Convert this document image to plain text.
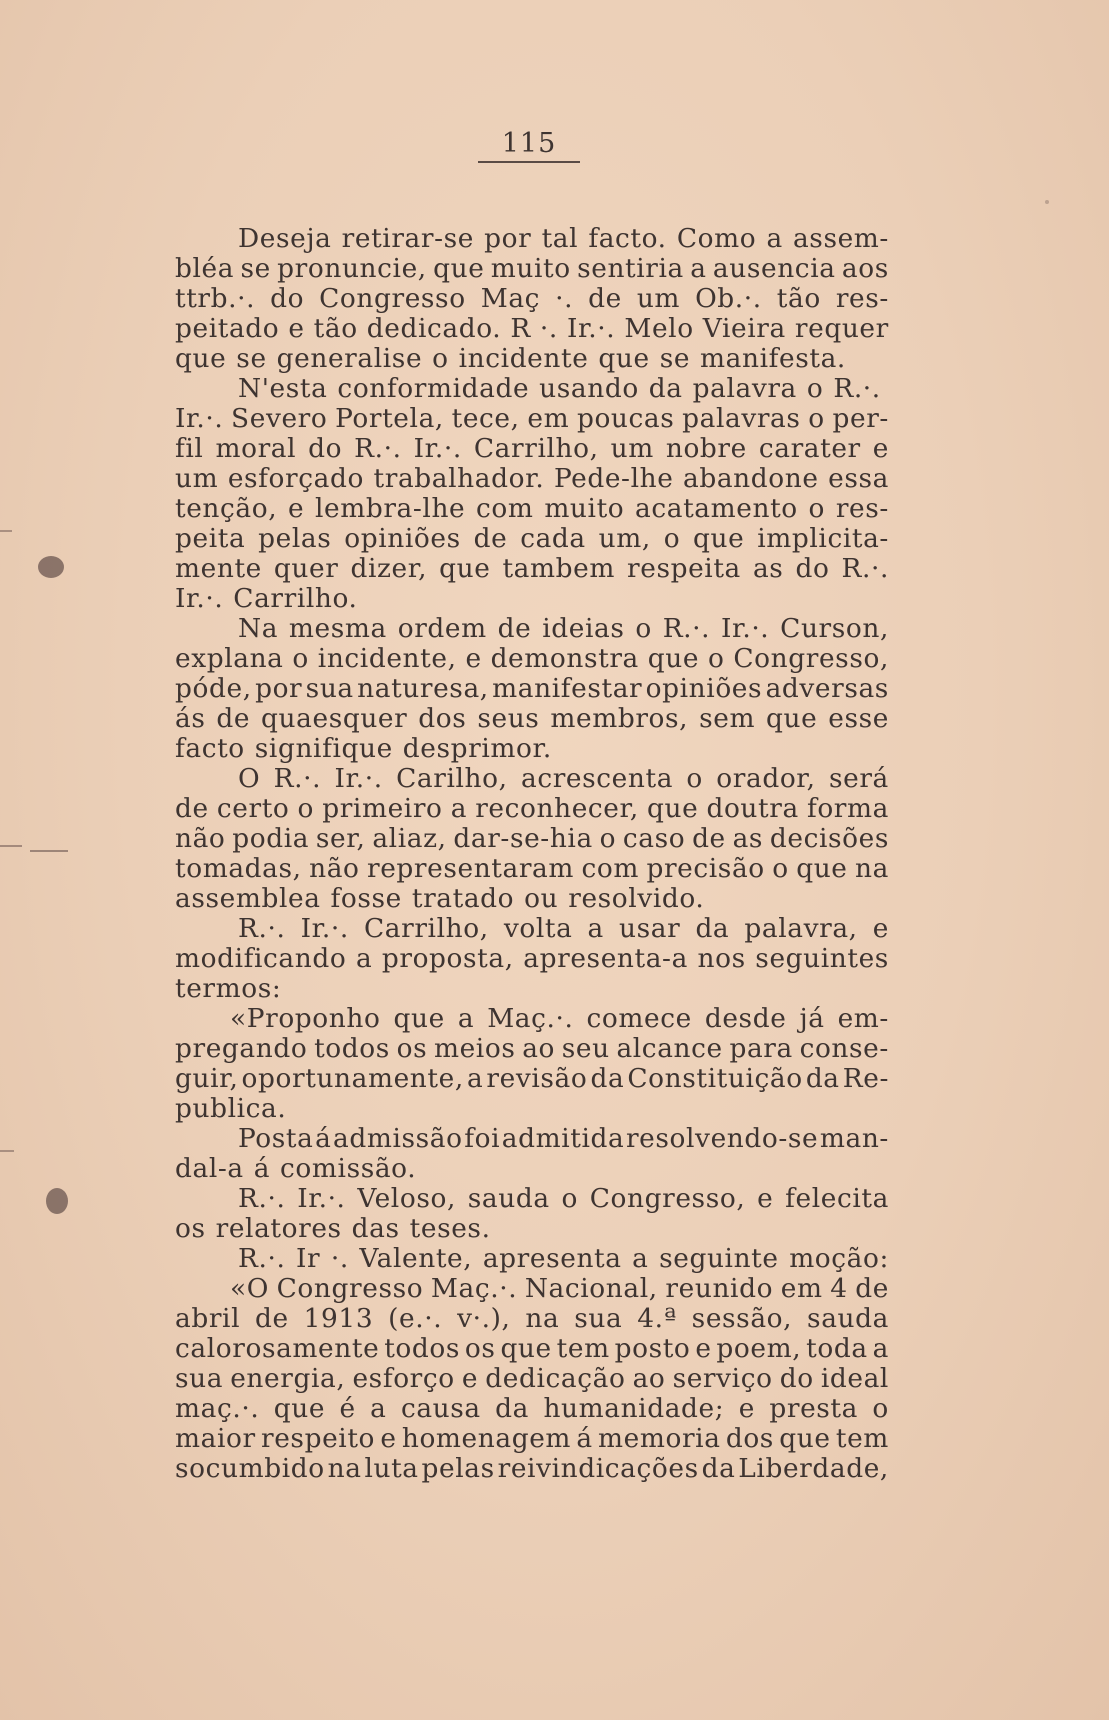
115
Deseja retirar-se por tal facto. Como a assem-
bléa se pronuncie, que muito sentiria a ausencia aos
ttrb.·. do Congresso Maç ·. de um Ob.·. tão res-
peitado e tão dedicado. R ·. Ir.·. Melo Vieira requer
que se generalise o incidente que se manifesta.
N'esta conformidade usando da palavra o R.·.
Ir.·. Severo Portela, tece, em poucas palavras o per-
fil moral do R.·. Ir.·. Carrilho, um nobre carater e
um esforçado trabalhador. Pede-lhe abandone essa
tenção, e lembra-lhe com muito acatamento o res-
peita pelas opiniões de cada um, o que implicita-
mente quer dizer, que tambem respeita as do R.·.
Ir.·. Carrilho.
Na mesma ordem de ideias o R.·. Ir.·. Curson,
explana o incidente, e demonstra que o Congresso,
póde, por sua naturesa, manifestar opiniões adversas
ás de quaesquer dos seus membros, sem que esse
facto signifique desprimor.
O R.·. Ir.·. Carilho, acrescenta o orador, será
de certo o primeiro a reconhecer, que doutra forma
não podia ser, aliaz, dar-se-hia o caso de as decisões
tomadas, não representaram com precisão o que na
assemblea fosse tratado ou resolvido.
R.·. Ir.·. Carrilho, volta a usar da palavra, e
modificando a proposta, apresenta-a nos seguintes
termos:
«Proponho que a Maç.·. comece desde já em-
pregando todos os meios ao seu alcance para conse-
guir, oportunamente, a revisão da Constituição da Re-
publica.
Posta á admissão foi admitida resolvendo-se man-
dal-a á comissão.
R.·. Ir.·. Veloso, sauda o Congresso, e felecita
os relatores das teses.
R.·. Ir ·. Valente, apresenta a seguinte moção:
«O Congresso Maç.·. Nacional, reunido em 4 de
abril de 1913 (e.·. v·.), na sua 4.ª sessão, sauda
calorosamente todos os que tem posto e poem, toda a
sua energia, esforço e dedicação ao serviço do ideal
maç.·. que é a causa da humanidade; e presta o
maior respeito e homenagem á memoria dos que tem
socumbido na luta pelas reivindicações da Liberdade,
